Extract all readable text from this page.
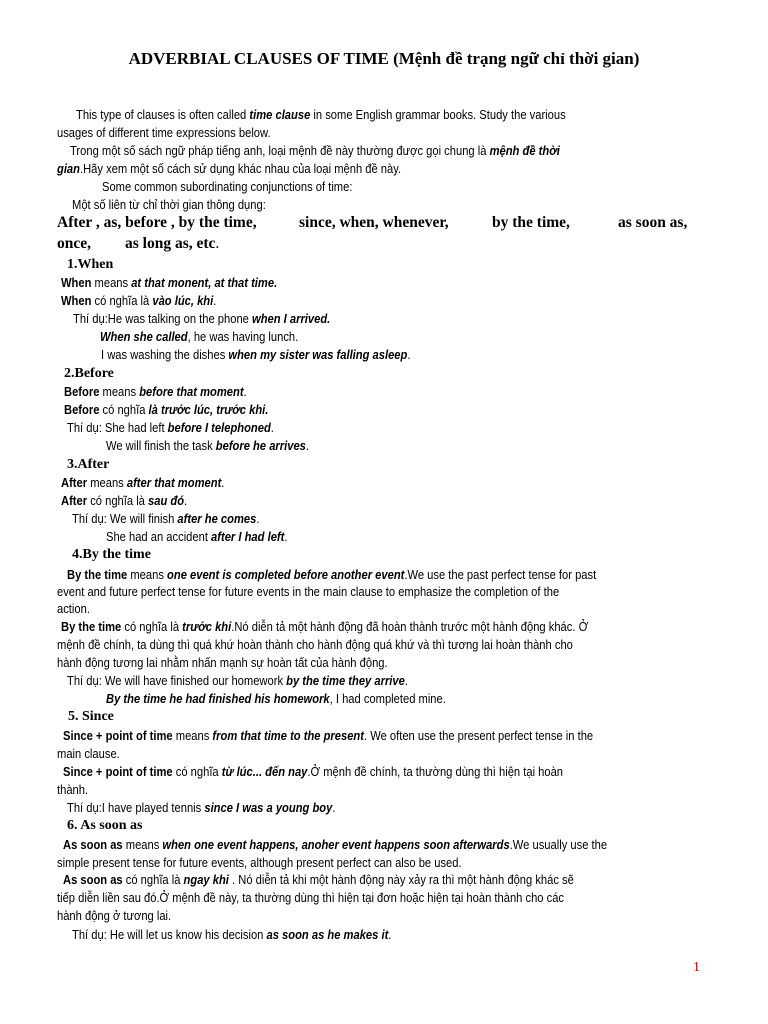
ADVERBIAL CLAUSES OF TIME (Mệnh đề trạng ngữ chỉ thời gian)
This type of clauses is often called time clause in some English grammar books. Study the various
usages of different time expressions below.
Trong một số sách ngữ pháp tiếng anh, loại mệnh đề này thường được gọi chung là mệnh đề thời
gian.Hãy xem một số cách sử dụng khác nhau của loại mệnh đề này.
Some common subordinating conjunctions of time:
Một số liên từ chỉ thời gian thông dụng:
After , as, before , by the time,	since, when, whenever,	by the time,	as soon as,
once, as long as, etc.
1.When
When means at that monent, at that time.
When có nghĩa là vào lúc, khi.
Thí dụ:He was talking on the phone when I arrived.
When she called, he was having lunch.
I was washing the dishes when my sister was falling asleep.
2.Before
Before means before that moment.
Before có nghĩa là trước lúc, trước khi.
Thí dụ: She had left before I telephoned.
We will finish the task before he arrives.
3.After
After means after that moment.
After có nghĩa là sau đó.
Thí dụ: We will finish after he comes.
She had an accident after I had left.
4.By the time
By the time means one event is completed before another event.We use the past perfect tense for past
event and future perfect tense for future events in the main clause to emphasize the completion of the
action.
By the time có nghĩa là trước khi.Nó diễn tả một hành động đã hoàn thành trước một hành động khác. Ở
mệnh đề chính, ta dùng thì quá khứ hoàn thành cho hành động quá khứ và thì tương lai hoàn thành cho
hành động tương lai nhằm nhấn mạnh sự hoàn tất của hành động.
Thí dụ: We will have finished our homework by the time they arrive.
By the time he had finished his homework, I had completed mine.
5. Since
Since + point of time means from that time to the present. We often use the present perfect tense in the
main clause.
Since + point of time có nghĩa từ lúc... đến nay.Ở mệnh đề chính, ta thường dùng thì hiện tại hoàn
thành.
Thí dụ:I have played tennis since I was a young boy.
6. As soon as
As soon as means when one event happens, anoher event happens soon afterwards.We usually use the
simple present tense for future events, although present perfect can also be used.
As soon as có nghĩa là ngay khi . Nó diễn tả khi một hành động này xảy ra thì một hành động khác sẽ
tiếp diễn liền sau đó.Ở mệnh đề này, ta thường dùng thì hiện tại đơn hoặc hiện tại hoàn thành cho các
hành động ở tương lai.
Thí dụ: He will let us know his decision as soon as he makes it.
1
